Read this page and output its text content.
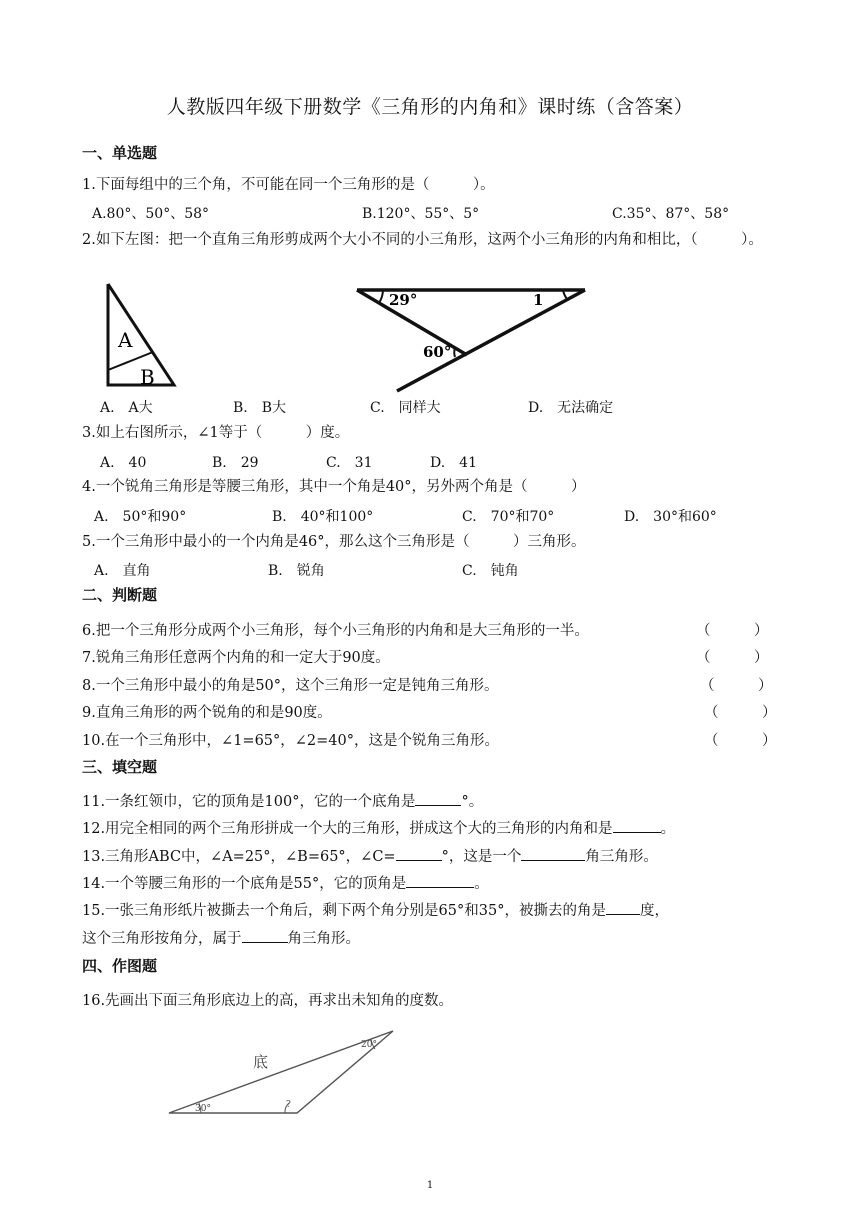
人教版四年级下册数学《三角形的内角和》课时练（含答案）
一、单选题
1.下面每组中的三个角，不可能在同一个三角形的是（　　　）。
A.80°、50°、58°	B.120°、55°、5°	C.35°、87°、58°
2.如下左图：把一个直角三角形剪成两个大小不同的小三角形，这两个小三角形的内角和相比，（　　　）。
A
B
29°	1
60°
A.　A大	B.　B大	C.　同样大	D.　无法确定
3.如上右图所示，∠1等于（　　　）度。
A.　40	B.　29	C.　31	D.　41
4.一个锐角三角形是等腰三角形，其中一个角是40°，另外两个角是（　　　）
A.　50°和90°	B.　40°和100°	C.　70°和70°	D.　30°和60°
5.一个三角形中最小的一个内角是46°，那么这个三角形是（　　　）三角形。
A.　直角	B.　锐角	C.　钝角
二、判断题
6.把一个三角形分成两个小三角形，每个小三角形的内角和是大三角形的一半。	（　　　）
7.锐角三角形任意两个内角的和一定大于90度。	（　　　）
8.一个三角形中最小的角是50°，这个三角形一定是钝角三角形。	（　　　）
9.直角三角形的两个锐角的和是90度。	（　　　）
10.在一个三角形中，∠1=65°，∠2=40°，这是个锐角三角形。	（　　　）
三、填空题
11.一条红领巾，它的顶角是100°，它的一个底角是	°。
12.用完全相同的两个三角形拼成一个大的三角形，拼成这个大的三角形的内角和是	。
13.三角形ABC中，∠A=25°，∠B=65°，∠C=	°，这是一个	角三角形。
14.一个等腰三角形的一个底角是55°，它的顶角是	。
15.一张三角形纸片被撕去一个角后，剩下两个角分别是65°和35°，被撕去的角是 度，
这个三角形按角分，属于	角三角形。
四、作图题
16.先画出下面三角形底边上的高，再求出未知角的度数。
底
30°
20°
?
1
